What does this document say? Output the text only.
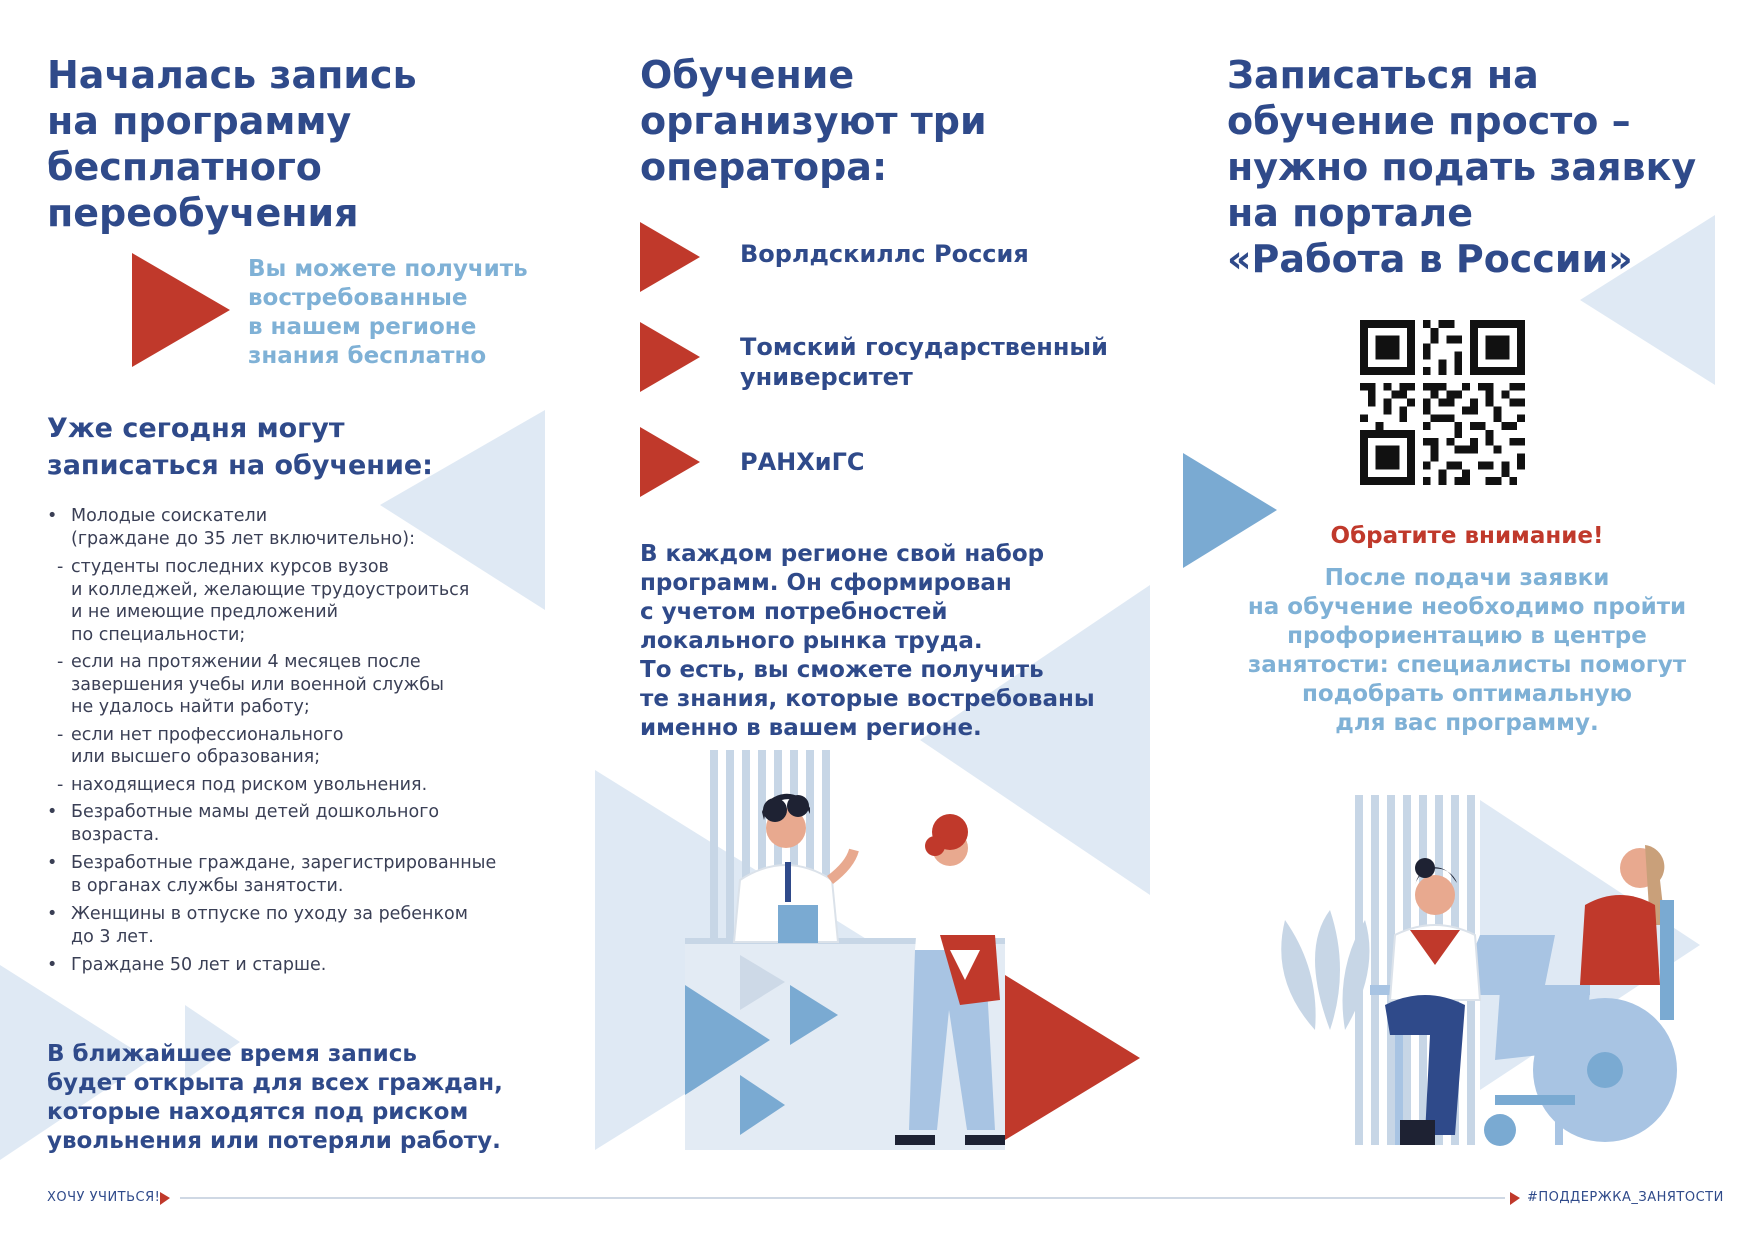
Началась запись
на программу
бесплатного
переобучения
Вы можете получить
востребованные
в нашем регионе
знания бесплатно
Уже сегодня могут
записаться на обучение:
• Молодые соискатели
(граждане до 35 лет включительно):
- студенты последних курсов вузов
и колледжей, желающие трудоустроиться
и не имеющие предложений
по специальности;
- если на протяжении 4 месяцев после
завершения учебы или военной службы
не удалось найти работу;
- если нет профессионального
или высшего образования;
- находящиеся под риском увольнения.
• Безработные мамы детей дошкольного
возраста.
• Безработные граждане, зарегистрированные
в органах службы занятости.
• Женщины в отпуске по уходу за ребенком
до 3 лет.
• Граждане 50 лет и старше.
В ближайшее время запись
будет открыта для всех граждан,
которые находятся под риском
увольнения или потеряли работу.
Обучение
организуют три
оператора:
Ворлдскиллс Россия
Томский государственный
университет
РАНХиГС
В каждом регионе свой набор
программ. Он сформирован
с учетом потребностей
локального рынка труда.
То есть, вы сможете получить
те знания, которые востребованы
именно в вашем регионе.
Записаться на
обучение просто –
нужно подать заявку
на портале
«Работа в России»
Обратите внимание!
После подачи заявки
на обучение необходимо пройти
профориентацию в центре
занятости: специалисты помогут
подобрать оптимальную
для вас программу.
ХОЧУ УЧИТЬСЯ!	#ПОДДЕРЖКА_ЗАНЯТОСТИ
